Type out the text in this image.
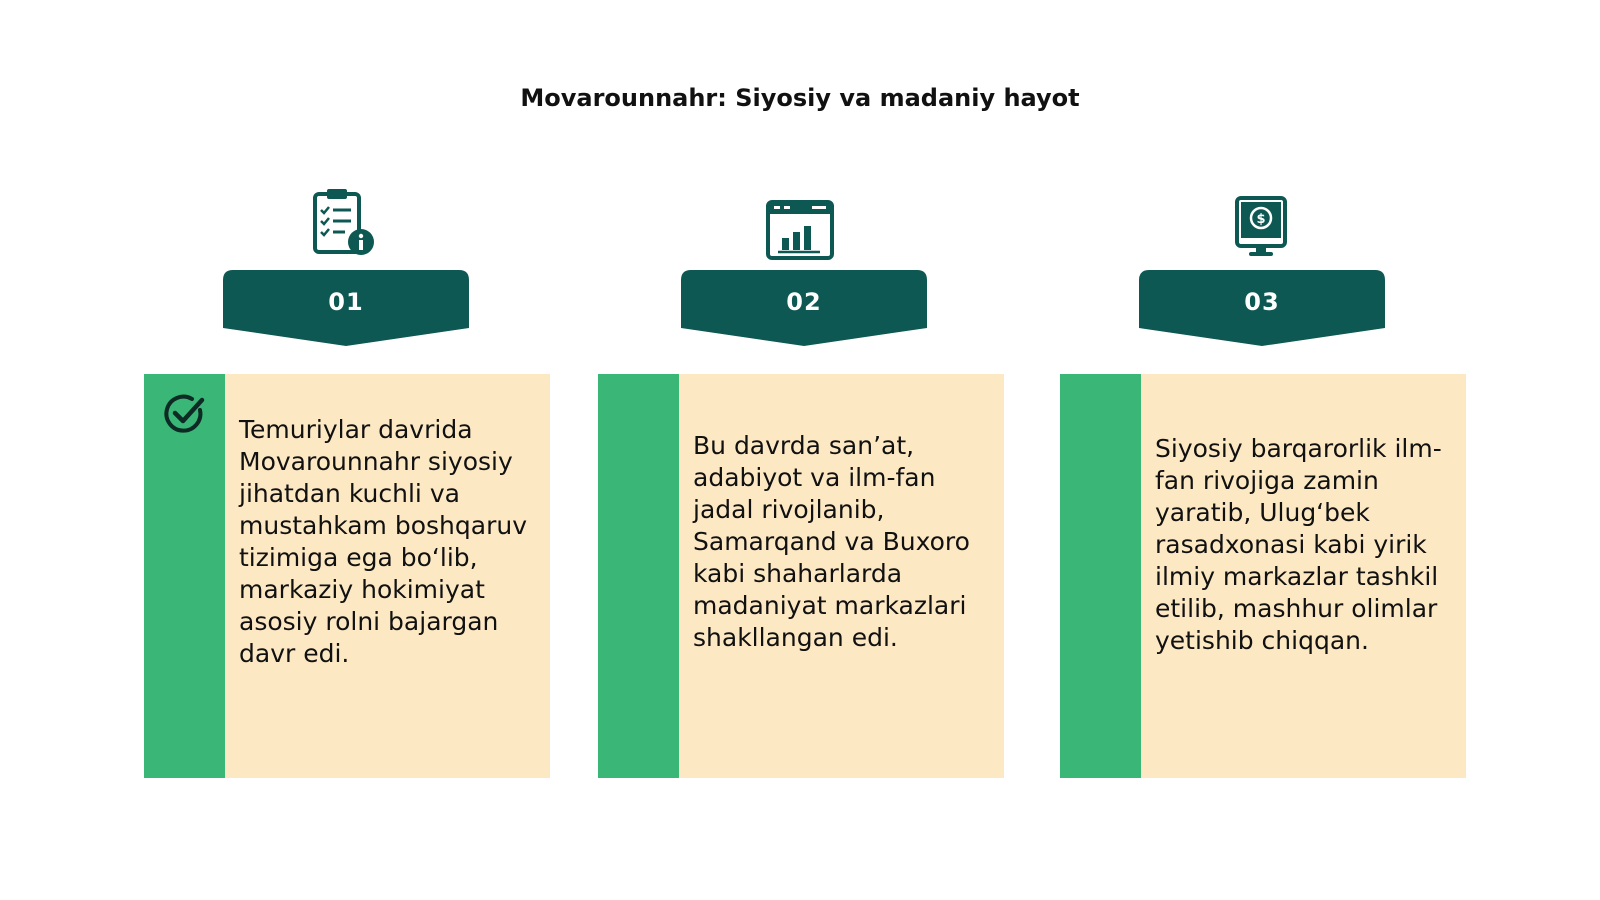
Movarounnahr: Siyosiy va madaniy hayot
$
01	02	03
Temuriylar davrida Movarounnahr siyosiy jihatdan kuchli va mustahkam boshqaruv tizimiga ega bo‘lib, markaziy hokimiyat asosiy rolni bajargan davr edi.
Bu davrda san’at, adabiyot va ilm-fan jadal rivojlanib, Samarqand va Buxoro kabi shaharlarda madaniyat markazlari shakllangan edi.
Siyosiy barqarorlik ilm-fan rivojiga zamin yaratib, Ulug‘bek rasadxonasi kabi yirik ilmiy markazlar tashkil etilib, mashhur olimlar yetishib chiqqan.
